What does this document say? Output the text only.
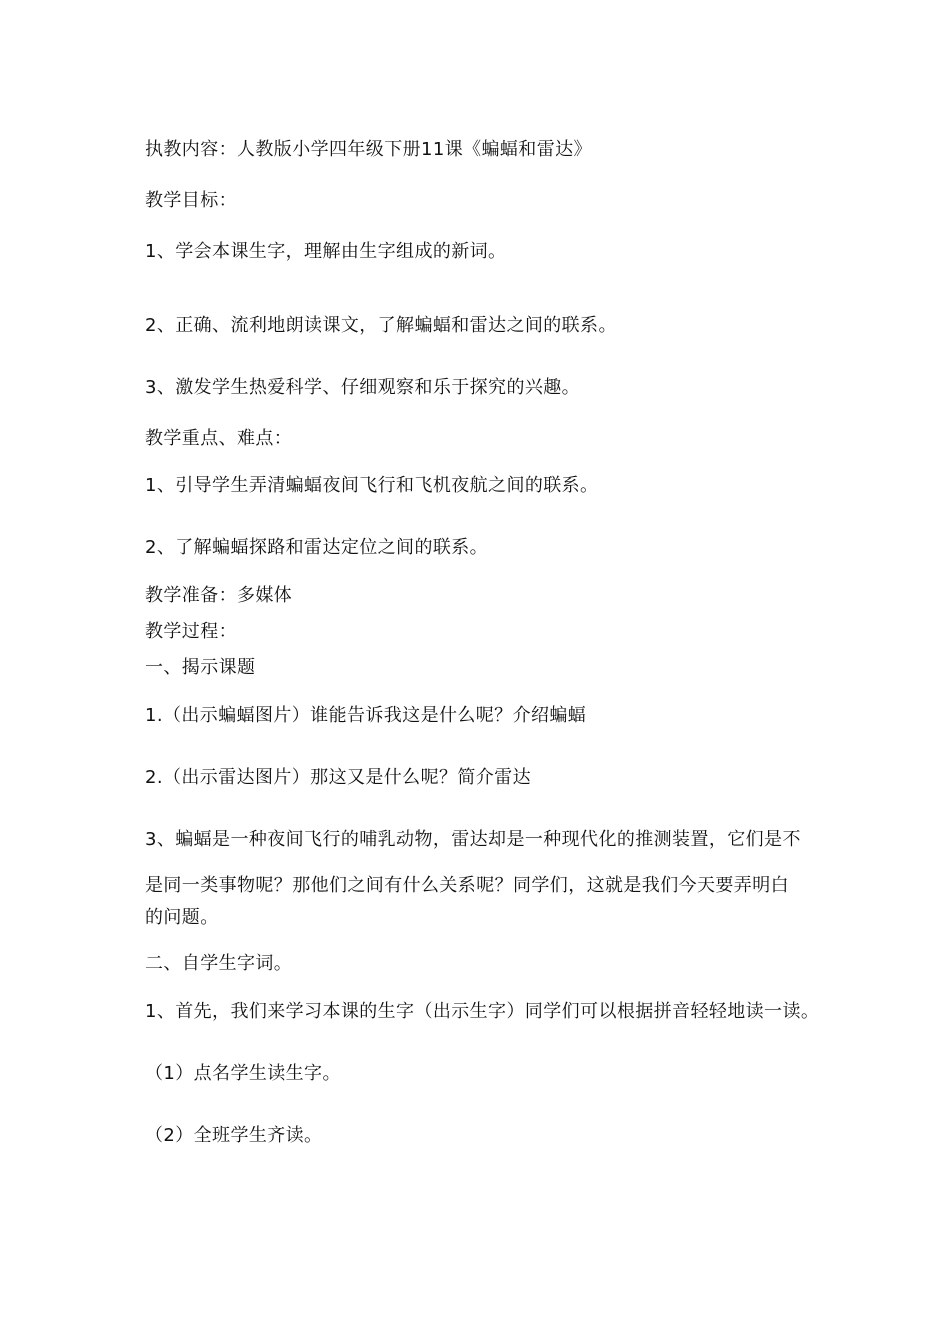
执教内容：人教版小学四年级下册11课《蝙蝠和雷达》
教学目标：
1、学会本课生字，理解由生字组成的新词。
2、正确、流利地朗读课文，了解蝙蝠和雷达之间的联系。
3、激发学生热爱科学、仔细观察和乐于探究的兴趣。
教学重点、难点：
1、引导学生弄清蝙蝠夜间飞行和飞机夜航之间的联系。
2、了解蝙蝠探路和雷达定位之间的联系。
教学准备：多媒体
教学过程：
一、揭示课题
1.（出示蝙蝠图片）谁能告诉我这是什么呢？介绍蝙蝠
2.（出示雷达图片）那这又是什么呢？简介雷达
3、蝙蝠是一种夜间飞行的哺乳动物，雷达却是一种现代化的推测装置，它们是不
是同一类事物呢？那他们之间有什么关系呢？同学们，这就是我们今天要弄明白
的问题。
二、自学生字词。
1、首先，我们来学习本课的生字（出示生字）同学们可以根据拼音轻轻地读一读。
（1）点名学生读生字。
（2）全班学生齐读。
